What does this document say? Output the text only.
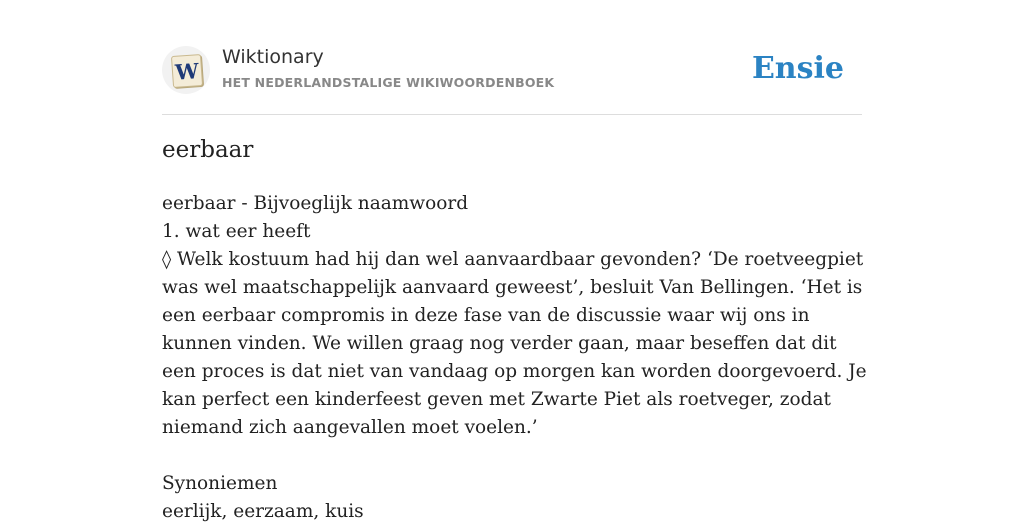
W
Wiktionary
HET NEDERLANDSTALIGE WIKIWOORDENBOEK	Ensie
eerbaar

eerbaar - Bijvoeglijk naamwoord

1. wat eer heeft

◊ Welk kostuum had hij dan wel aanvaardbaar gevonden? ‘De roetveegpiet was wel maatschappelijk aanvaard geweest’, besluit Van Bellingen. ‘Het is een eerbaar compromis in deze fase van de discussie waar wij ons in kunnen vinden. We willen graag nog verder gaan, maar beseffen dat dit een proces is dat niet van vandaag op morgen kan worden doorgevoerd. Je kan perfect een kinderfeest geven met Zwarte Piet als roetveger, zodat niemand zich aangevallen moet voelen.’

Synoniemen

eerlijk, eerzaam, kuis
